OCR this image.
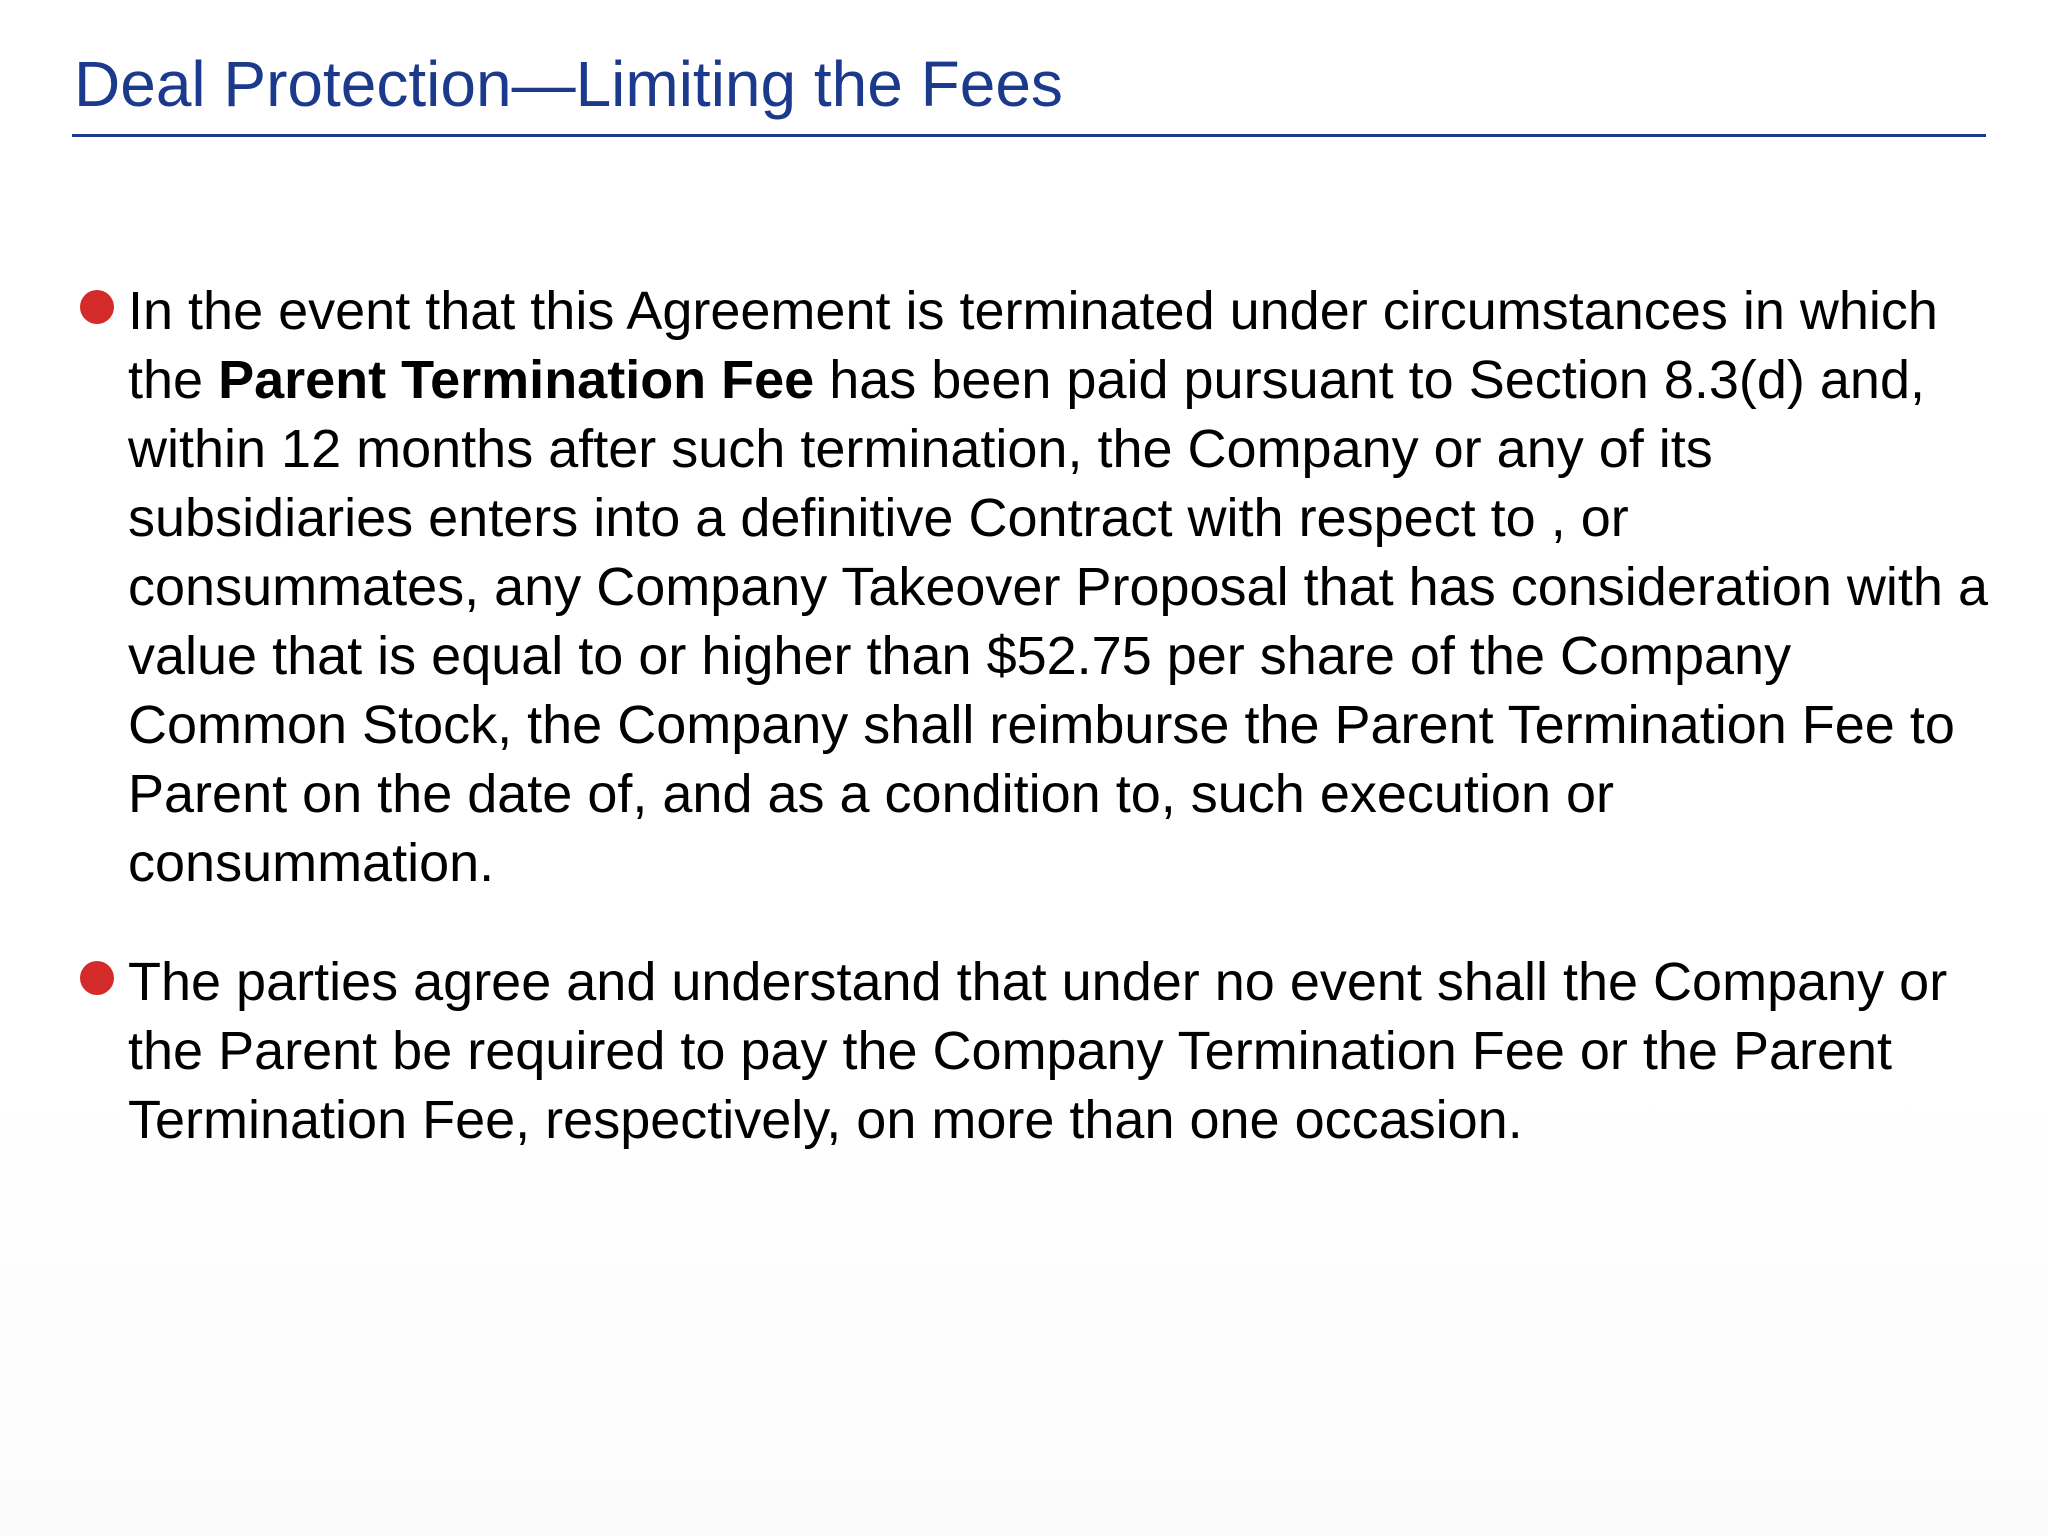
Deal Protection—Limiting the Fees
In the event that this Agreement is terminated under circumstances in which the Parent Termination Fee has been paid pursuant to Section 8.3(d) and, within 12 months after such termination, the Company or any of its subsidiaries enters into a definitive Contract with respect to , or consummates, any Company Takeover Proposal that has consideration with a value that is equal to or higher than $52.75 per share of the Company Common Stock, the Company shall reimburse the Parent Termination Fee to Parent on the date of, and as a condition to, such execution or consummation.
The parties agree and understand that under no event shall the Company or the Parent be required to pay the Company Termination Fee or the Parent Termination Fee, respectively, on more than one occasion.
